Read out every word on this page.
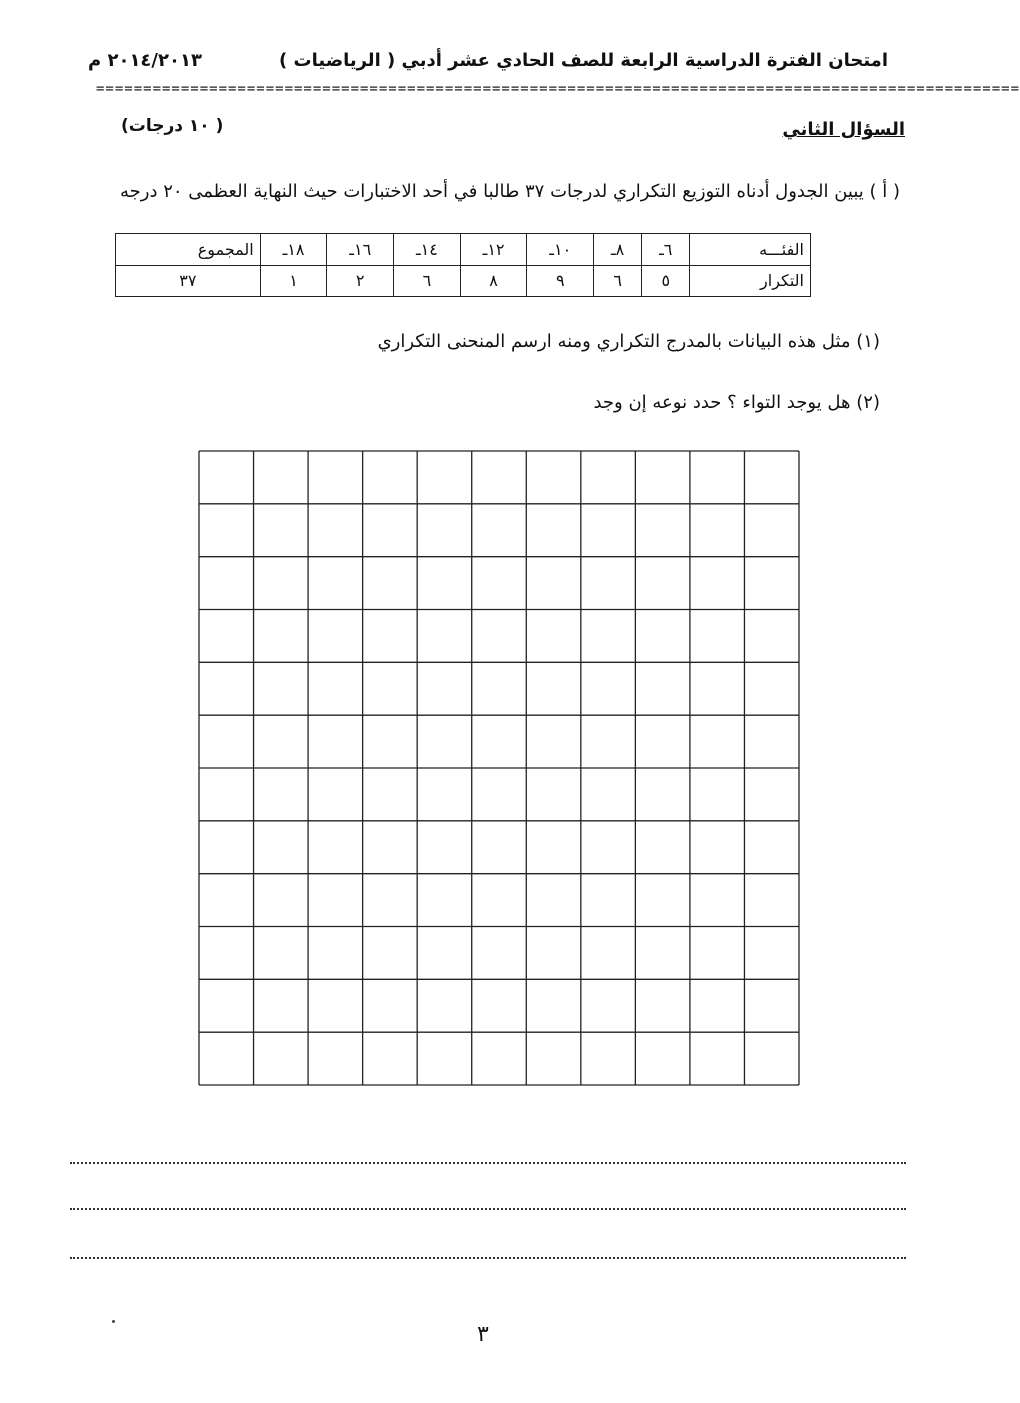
امتحان الفترة الدراسية الرابعة للصف الحادي عشر أدبي ( الرياضيات )
٢٠١٤/٢٠١٣ م
==================================================================================================
السؤال الثاني
( ١٠ درجات)
( أ ) يبين الجدول أدناه التوزيع التكراري لدرجات ٣٧ طالبا في أحد الاختبارات حيث النهاية العظمى ٢٠ درجه
الفئـــه	٦ـ	٨ـ	١٠ـ	١٢ـ	١٤ـ	١٦ـ	١٨ـ	المجموع
التكرار	٥	٦	٩	٨	٦	٢	١	٣٧
(١) مثل هذه البيانات بالمدرج التكراري ومنه ارسم المنحنى التكراري
(٢) هل يوجد التواء ؟ حدد نوعه إن وجد
٣
